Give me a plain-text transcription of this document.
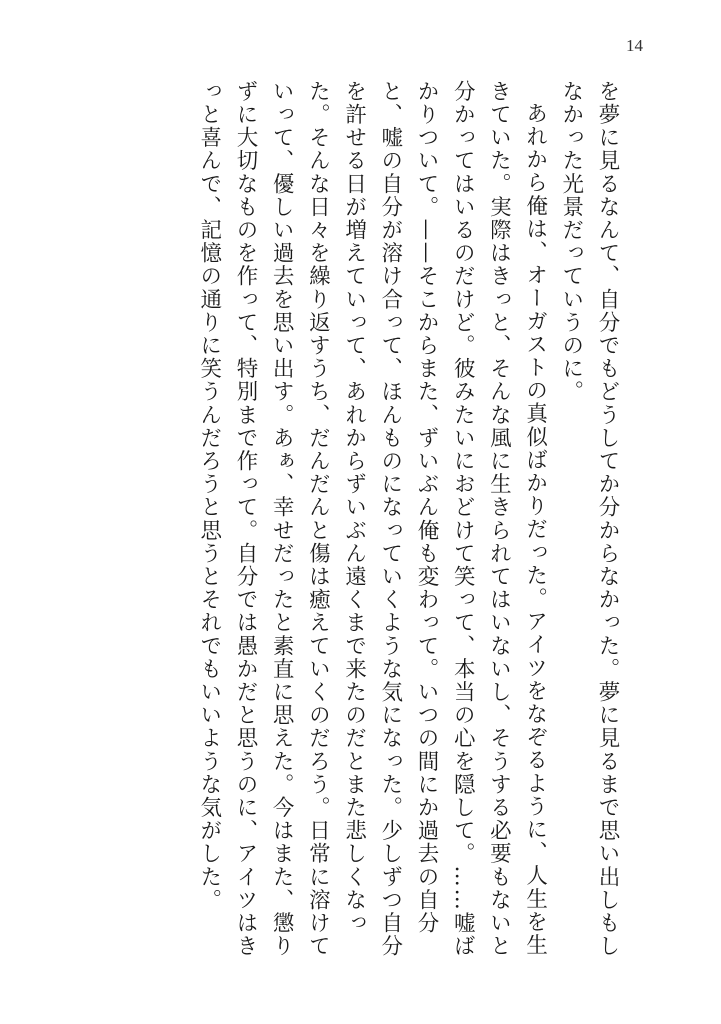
14

を夢に見るなんて、自分でもどうしてか分からなかった。夢に見るまで思い出しもしなかった光景だっていうのに。

あれから俺は、オーガストの真似ばかりだった。アイツをなぞるように、人生を生きていた。実際はきっと、そんな風に生きられてはいないし、そうする必要もないと分かってはいるのだけど。彼みたいにおどけて笑って、本当の心を隠して。……嘘ばかりついて。——そこからまた、ずいぶん俺も変わって。いつの間にか過去の自分と、嘘の自分が溶け合って、ほんものになっていくような気になった。少しずつ自分を許せる日が増えていって、あれからずいぶん遠くまで来たのだとまた悲しくなった。そんな日々を繰り返すうち、だんだんと傷は癒えていくのだろう。日常に溶けていって、優しい過去を思い出す。あぁ、幸せだったと素直に思えた。今はまた、懲りずに大切なものを作って、特別まで作って。自分では愚かだと思うのに、アイツはきっと喜んで、記憶の通りに笑うんだろうと思うとそれでもいいような気がした。
